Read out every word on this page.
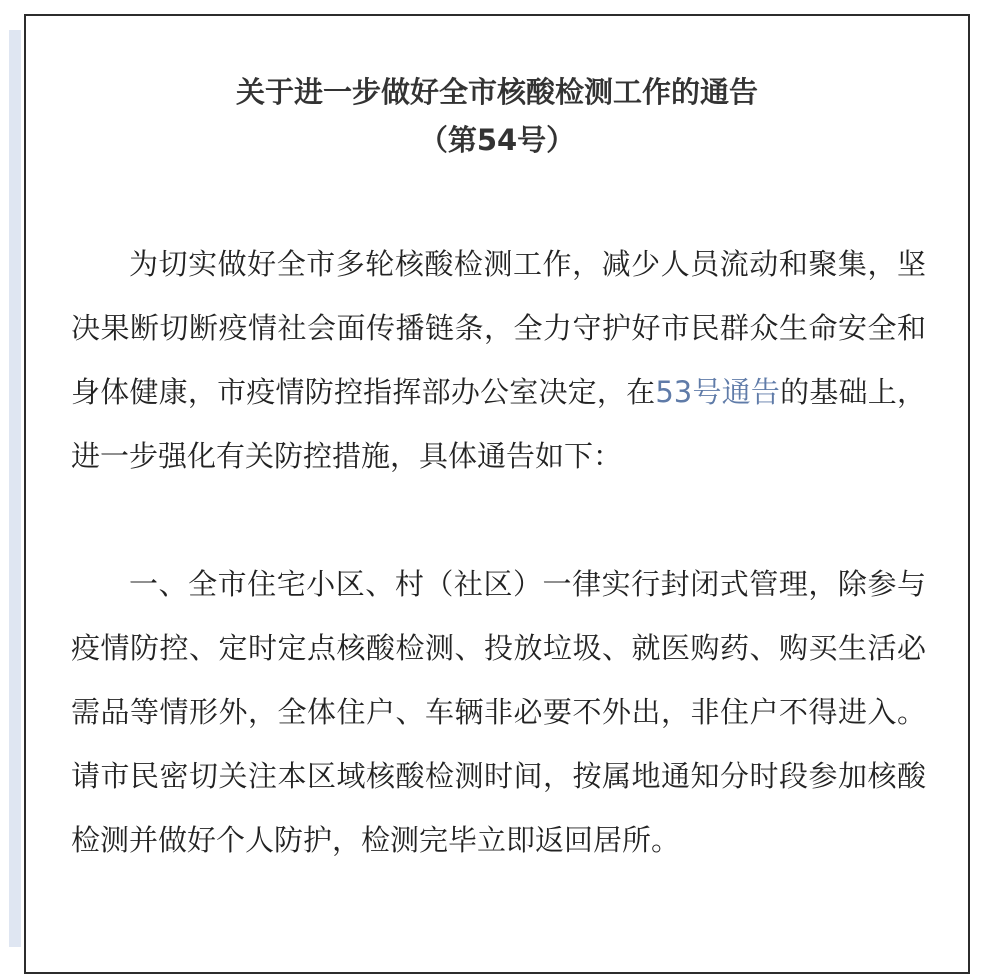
关于进一步做好全市核酸检测工作的通告
（第54号）

为切实做好全市多轮核酸检测工作，减少人员流动和聚集，坚决果断切断疫情社会面传播链条，全力守护好市民群众生命安全和身体健康，市疫情防控指挥部办公室决定，在53号通告的基础上，进一步强化有关防控措施，具体通告如下：

一、全市住宅小区、村（社区）一律实行封闭式管理，除参与疫情防控、定时定点核酸检测、投放垃圾、就医购药、购买生活必需品等情形外，全体住户、车辆非必要不外出，非住户不得进入。请市民密切关注本区域核酸检测时间，按属地通知分时段参加核酸检测并做好个人防护，检测完毕立即返回居所。
